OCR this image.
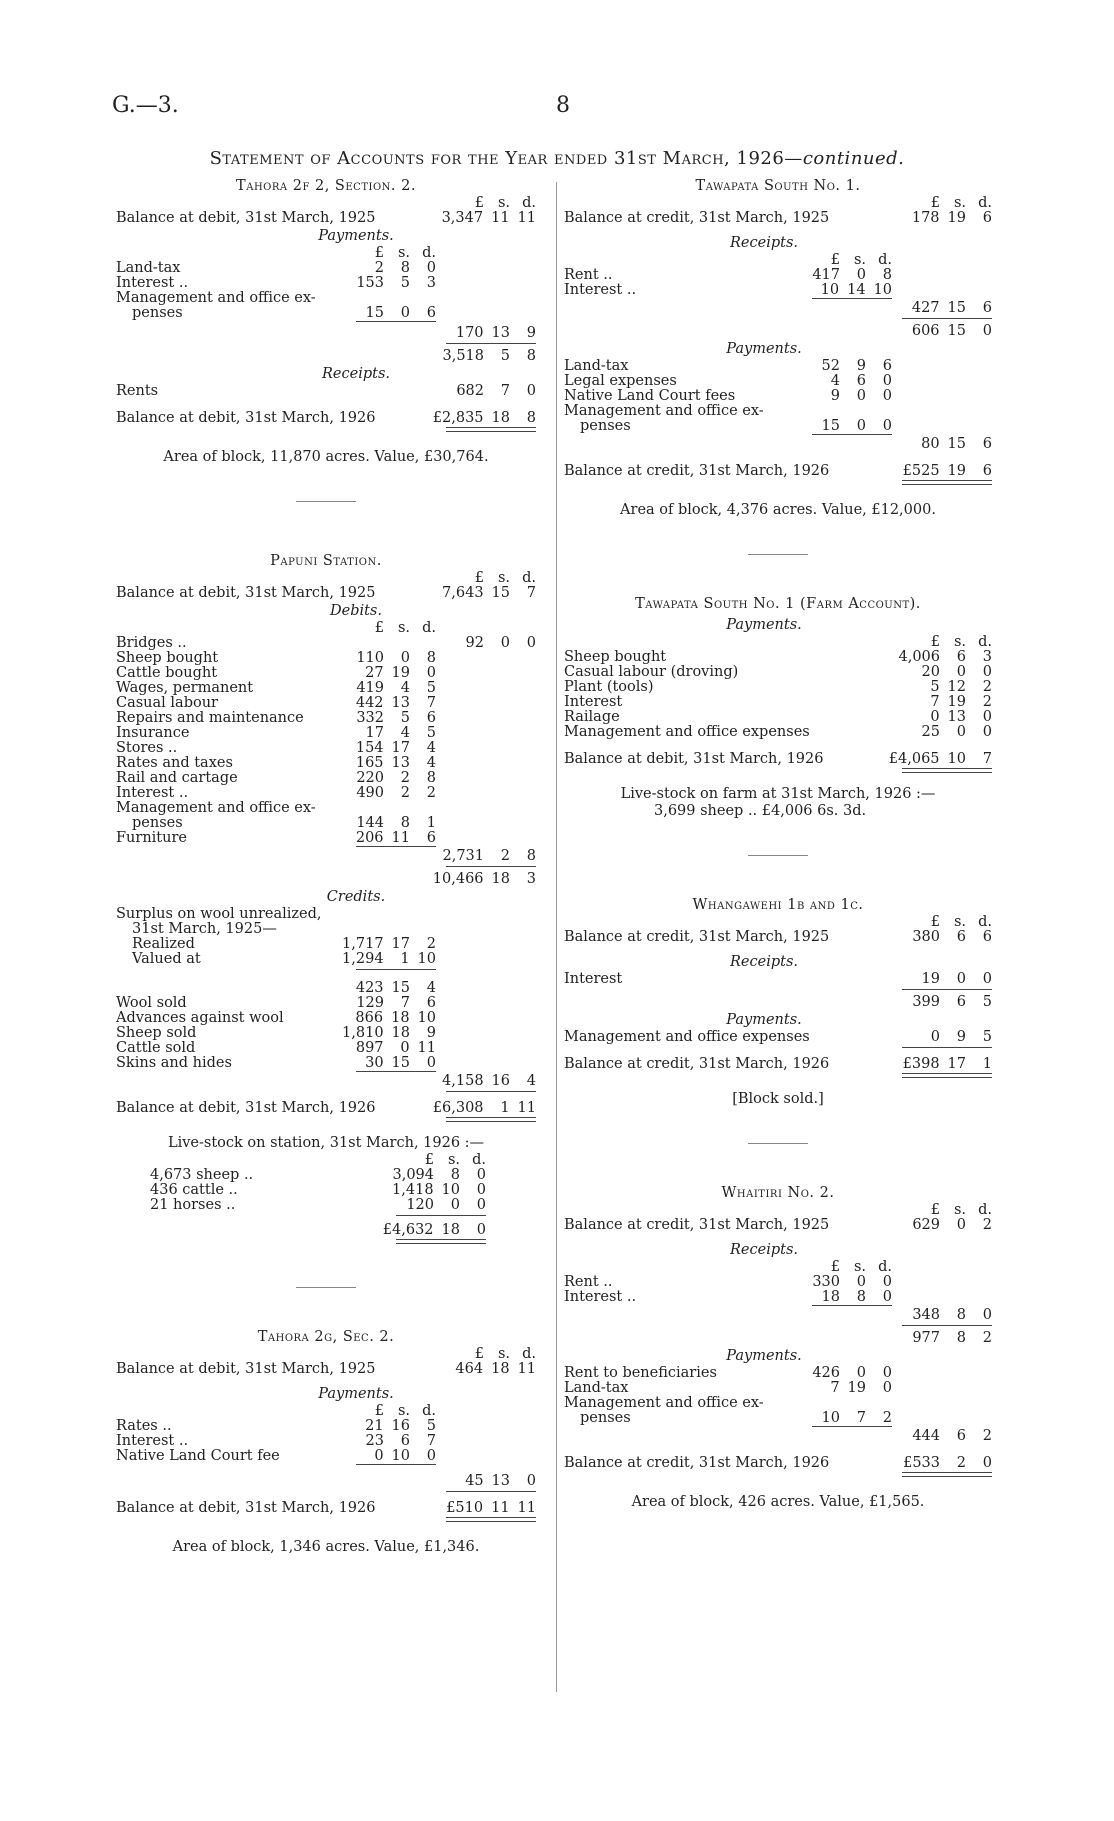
G.—3.	8
Statement of Accounts for the Year ended 31st March, 1926—continued.
Tahora 2f 2, Section. 2.
£ s. d.
Balance at debit, 31st March, 1925	3,347 11 11
Payments.
£ s. d.
Land-tax	2	8	0
Interest ..	153	5	3
Management and office ex-
penses	15	0	6
170 13	9
3,518	5	8
Receipts.
Rents	682	7	0
Balance at debit, 31st March, 1926	£2,835 18	8
Area of block, 11,870 acres. Value, £30,764.
Papuni Station.
£ s. d.
Balance at debit, 31st March, 1925	7,643 15	7
Debits.
£ s. d.
Bridges ..	92	0	0
Sheep bought	110	0	8
Cattle bought	27 19	0
Wages, permanent	419	4	5
Casual labour	442 13	7
Repairs and maintenance	332	5	6
Insurance	17	4	5
Stores ..	154 17	4
Rates and taxes	165 13	4
Rail and cartage	220	2	8
Interest ..	490	2	2
Management and office ex-
penses	144	8	1
Furniture	206 11	6
2,731	2	8
10,466 18	3
Credits.
Surplus on wool unrealized,
31st March, 1925—
Realized	1,717 17	2
Valued at	1,294	1 10
423 15	4
Wool sold	129	7	6
Advances against wool	866 18 10
Sheep sold	1,810 18	9
Cattle sold	897	0 11
Skins and hides	30 15	0
4,158 16	4
Balance at debit, 31st March, 1926	£6,308	1 11
Live-stock on station, 31st March, 1926 :—
£ s. d.
4,673 sheep ..	3,094	8	0
436 cattle ..	1,418 10	0
21 horses ..	120	0	0
£4,632 18	0
Tahora 2g, Sec. 2.
£ s. d.
Balance at debit, 31st March, 1925	464 18 11
Payments.
£ s. d.
Rates ..	21 16	5
Interest ..	23	6	7
Native Land Court fee	0 10	0
45 13	0
Balance at debit, 31st March, 1926	£510 11 11
Area of block, 1,346 acres. Value, £1,346.
Tawapata South No. 1.
£ s. d.
Balance at credit, 31st March, 1925	178 19	6
Receipts.
£ s. d.
Rent ..	417	0	8
Interest ..	10 14 10
427 15	6
606 15	0
Payments.
Land-tax	52	9	6
Legal expenses	4	6	0
Native Land Court fees	9	0	0
Management and office ex-
penses	15	0	0
80 15	6
Balance at credit, 31st March, 1926	£525 19	6
Area of block, 4,376 acres. Value, £12,000.
Tawapata South No. 1 (Farm Account).
Payments.
£ s. d.
Sheep bought	4,006	6	3
Casual labour (droving)	20	0	0
Plant (tools)	5 12	2
Interest	7 19	2
Railage	0 13	0
Management and office expenses	25	0	0
Balance at debit, 31st March, 1926	£4,065 10	7
Live-stock on farm at 31st March, 1926 :—
3,699 sheep .. £4,006 6s. 3d.
Whangawehi 1b and 1c.
£ s. d.
Balance at credit, 31st March, 1925	380	6	6
Receipts.
Interest	19	0	0
399	6	5
Payments.
Management and office expenses	0	9	5
Balance at credit, 31st March, 1926	£398 17	1
[Block sold.]
Whaitiri No. 2.
£ s. d.
Balance at credit, 31st March, 1925	629	0	2
Receipts.
£ s. d.
Rent ..	330	0	0
Interest ..	18	8	0
348	8	0
977	8	2
Payments.
Rent to beneficiaries	426	0	0
Land-tax	7 19	0
Management and office ex-
penses	10	7	2
444	6	2
Balance at credit, 31st March, 1926	£533	2	0
Area of block, 426 acres. Value, £1,565.
